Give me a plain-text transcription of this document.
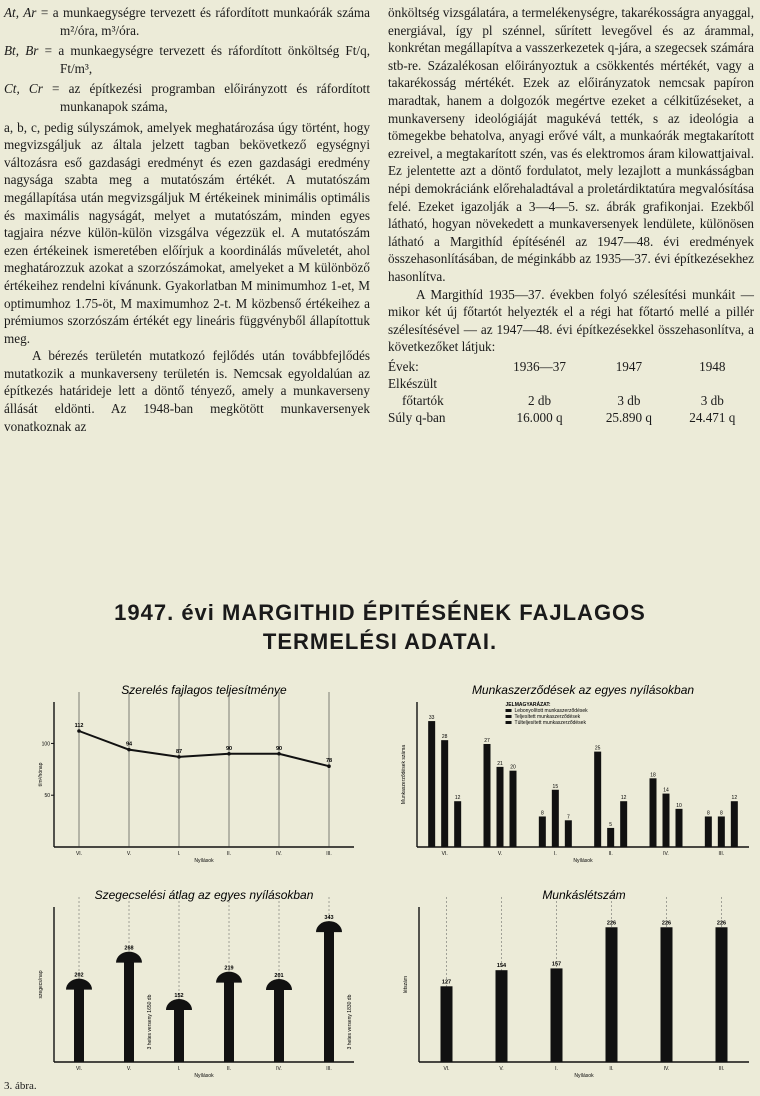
At, Ar = a munkaegységre tervezett és ráfordított munkaórák száma m²/óra, m³/óra.

Bt, Br = a munkaegységre tervezett és ráfordított önköltség Ft/q, Ft/m³,

Ct, Cr = az építkezési programban előirányzott és ráfordított munkanapok száma,

a, b, c, pedig súlyszámok, amelyek meghatározása úgy történt, hogy megvizsgáljuk az általa jelzett tagban bekövetkező egységnyi változásra eső gazdasági eredményt és ezen gazdasági eredmény nagysága szabta meg a mutatószám értékét. A mutatószám megállapítása után megvizsgáljuk M értékeinek minimális optimális és maximális nagyságát, melyet a mutatószám, minden egyes tagjaira nézve külön-külön vizsgálva végezzük el. A mutatószám ezen értékeinek ismeretében előírjuk a koordinálás műveletét, ahol meghatározzuk azokat a szorzószámokat, amelyeket a M különböző értékeihez rendelni kívánunk. Gyakorlatban M minimumhoz 1-et, M optimumhoz 1.75-öt, M maximumhoz 2-t. M közbenső értékeihez a prémiumos szorzószám értékét egy lineáris függvényből állapítottuk meg.

A bérezés területén mutatkozó fejlődés után továbbfejlődés mutatkozik a munkaverseny területén is. Nemcsak egyoldalúan az építkezés határideje lett a döntő tényező, amely a munkaverseny állását eldönti. Az 1948-ban megkötött munkaversenyek vonatkoznak az

önköltség vizsgálatára, a termelékenységre, takarékosságra anyaggal, energiával, így pl szénnel, sűrített levegővel és az árammal, konkrétan megállapítva a vasszerkezetek q-jára, a szegecsek számára stb-re. Százalékosan előirányoztuk a csökkentés mértékét, vagy a takarékosság mértékét. Ezek az előirányzatok nemcsak papíron maradtak, hanem a dolgozók megértve ezeket a célkitűzéseket, a munkaverseny ideológiáját magukévá tették, s az ideológia a tömegekbe behatolva, anyagi erővé vált, a munkaórák megtakarított ezreivel, a megtakarított szén, vas és elektromos áram kilowattjaival. Ez jelentette azt a döntő fordulatot, mely lezajlott a munkásságban népi demokráciánk előrehaladtával a proletárdiktatúra megvalósítása felé. Ezeket igazolják a 3—4—5. sz. ábrák grafikonjai. Ezekből látható, hogyan növekedett a munkaversenyek lendülete, különösen látható a Margithíd építésénél az 1947—48. évi eredmények összehasonlításában, de méginkább az 1935—37. évi építkezésekhez hasonlítva.

A Margithíd 1935—37. években folyó szélesítési munkáit — mikor két új főtartót helyezték el a régi hat főtartó mellé a pillér szélesítésével — az 1947—48. évi építkezésekkel összehasonlítva, a következőket látjuk:

Évek:	1936—37	1947	1948
Elkészült			
főtartók	2 db	3 db	3 db
Súly q-ban	16.000 q	25.890 q	24.471 q
1947. évi MARGITHID ÉPITÉSÉNEK FAJLAGOS
TERMELÉSI ADATAI.
Szerelés fajlagos teljesítménye
Nyílások
t/m²/hónap
50
100
VI.
112
V.
94
I.
87
II.
90
IV.
90
III.
78
Munkaszerződések az egyes nyílásokban
Nyílások
Munkaszerződések száma
VI.
33
28
12
V.
27
21
20
I.
8
15
7
II.
25
5
12
IV.
18
14
10
III.
8 8
12
JELMAGYARÁZAT:
Lebonyolított munkaszerződések
Teljesített munkaszerződések
Túlteljesített munkaszerződések
Szegecselési átlag az egyes nyílásokban
Nyílások
szegecs/nap	202
VI.
268
V.
152
I.
219
II.
201
IV.
343
III.
3 hetes verseny 1650 db	3 hetes verseny 1830 db
Munkáslétszám
Nyílások
létszám	127
VI.
154
V.
157
I.
226
II.
226
IV.
226
III.
3. ábra.
